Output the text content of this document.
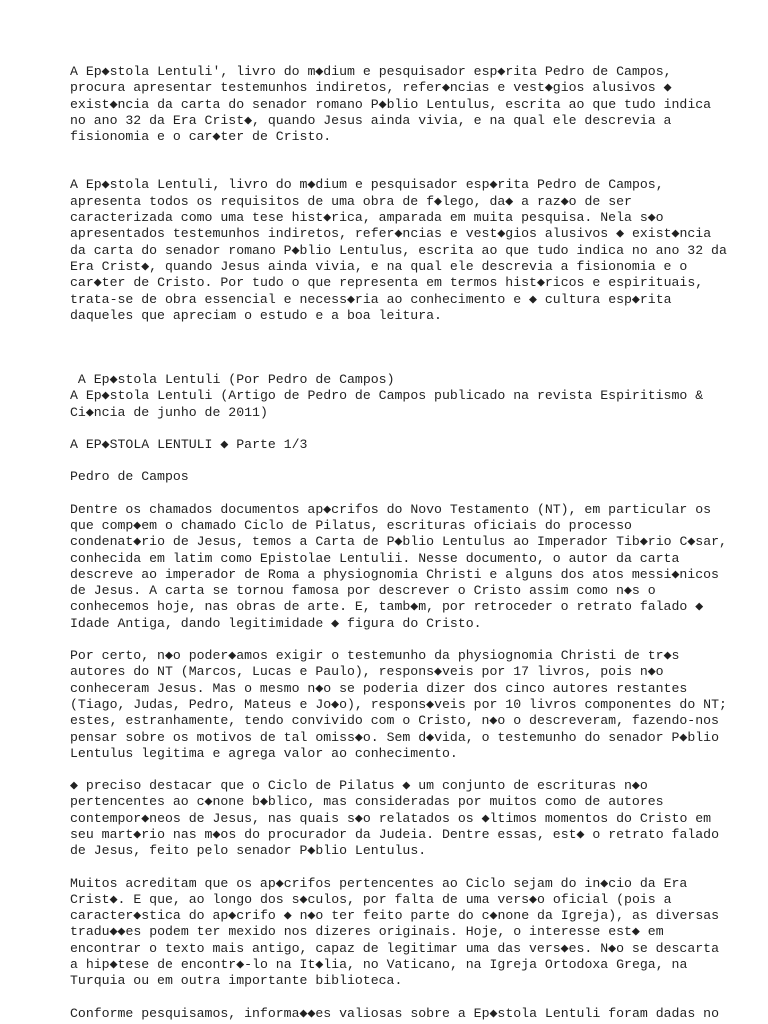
A Ep◆stola Lentuli', livro do m◆dium e pesquisador esp◆rita Pedro de Campos,
procura apresentar testemunhos indiretos, refer◆ncias e vest◆gios alusivos ◆
exist◆ncia da carta do senador romano P◆blio Lentulus, escrita ao que tudo indica
no ano 32 da Era Crist◆, quando Jesus ainda vivia, e na qual ele descrevia a
fisionomia e o car◆ter de Cristo.
A Ep◆stola Lentuli, livro do m◆dium e pesquisador esp◆rita Pedro de Campos,
apresenta todos os requisitos de uma obra de f◆lego, da◆ a raz◆o de ser
caracterizada como uma tese hist◆rica, amparada em muita pesquisa. Nela s◆o
apresentados testemunhos indiretos, refer◆ncias e vest◆gios alusivos ◆ exist◆ncia
da carta do senador romano P◆blio Lentulus, escrita ao que tudo indica no ano 32 da
Era Crist◆, quando Jesus ainda vivia, e na qual ele descrevia a fisionomia e o
car◆ter de Cristo. Por tudo o que representa em termos hist◆ricos e espirituais,
trata-se de obra essencial e necess◆ria ao conhecimento e ◆ cultura esp◆rita
daqueles que apreciam o estudo e a boa leitura.
A Ep◆stola Lentuli (Por Pedro de Campos)
A Ep◆stola Lentuli (Artigo de Pedro de Campos publicado na revista Espiritismo &
Ci◆ncia de junho de 2011)
A EP◆STOLA LENTULI ◆ Parte 1/3
Pedro de Campos
Dentre os chamados documentos ap◆crifos do Novo Testamento (NT), em particular os
que comp◆em o chamado Ciclo de Pilatus, escrituras oficiais do processo
condenat◆rio de Jesus, temos a Carta de P◆blio Lentulus ao Imperador Tib◆rio C◆sar,
conhecida em latim como Epistolae Lentulii. Nesse documento, o autor da carta
descreve ao imperador de Roma a physiognomia Christi e alguns dos atos messi◆nicos
de Jesus. A carta se tornou famosa por descrever o Cristo assim como n◆s o
conhecemos hoje, nas obras de arte. E, tamb◆m, por retroceder o retrato falado ◆
Idade Antiga, dando legitimidade ◆ figura do Cristo.
Por certo, n◆o poder◆amos exigir o testemunho da physiognomia Christi de tr◆s
autores do NT (Marcos, Lucas e Paulo), respons◆veis por 17 livros, pois n◆o
conheceram Jesus. Mas o mesmo n◆o se poderia dizer dos cinco autores restantes
(Tiago, Judas, Pedro, Mateus e Jo◆o), respons◆veis por 10 livros componentes do NT;
estes, estranhamente, tendo convivido com o Cristo, n◆o o descreveram, fazendo-nos
pensar sobre os motivos de tal omiss◆o. Sem d◆vida, o testemunho do senador P◆blio
Lentulus legitima e agrega valor ao conhecimento.
◆ preciso destacar que o Ciclo de Pilatus ◆ um conjunto de escrituras n◆o
pertencentes ao c◆none b◆blico, mas consideradas por muitos como de autores
contempor◆neos de Jesus, nas quais s◆o relatados os ◆ltimos momentos do Cristo em
seu mart◆rio nas m◆os do procurador da Judeia. Dentre essas, est◆ o retrato falado
de Jesus, feito pelo senador P◆blio Lentulus.
Muitos acreditam que os ap◆crifos pertencentes ao Ciclo sejam do in◆cio da Era
Crist◆. E que, ao longo dos s◆culos, por falta de uma vers◆o oficial (pois a
caracter◆stica do ap◆crifo ◆ n◆o ter feito parte do c◆none da Igreja), as diversas
tradu◆◆es podem ter mexido nos dizeres originais. Hoje, o interesse est◆ em
encontrar o texto mais antigo, capaz de legitimar uma das vers◆es. N◆o se descarta
a hip◆tese de encontr◆-lo na It◆lia, no Vaticano, na Igreja Ortodoxa Grega, na
Turquia ou em outra importante biblioteca.
Conforme pesquisamos, informa◆◆es valiosas sobre a Ep◆stola Lentuli foram dadas no
